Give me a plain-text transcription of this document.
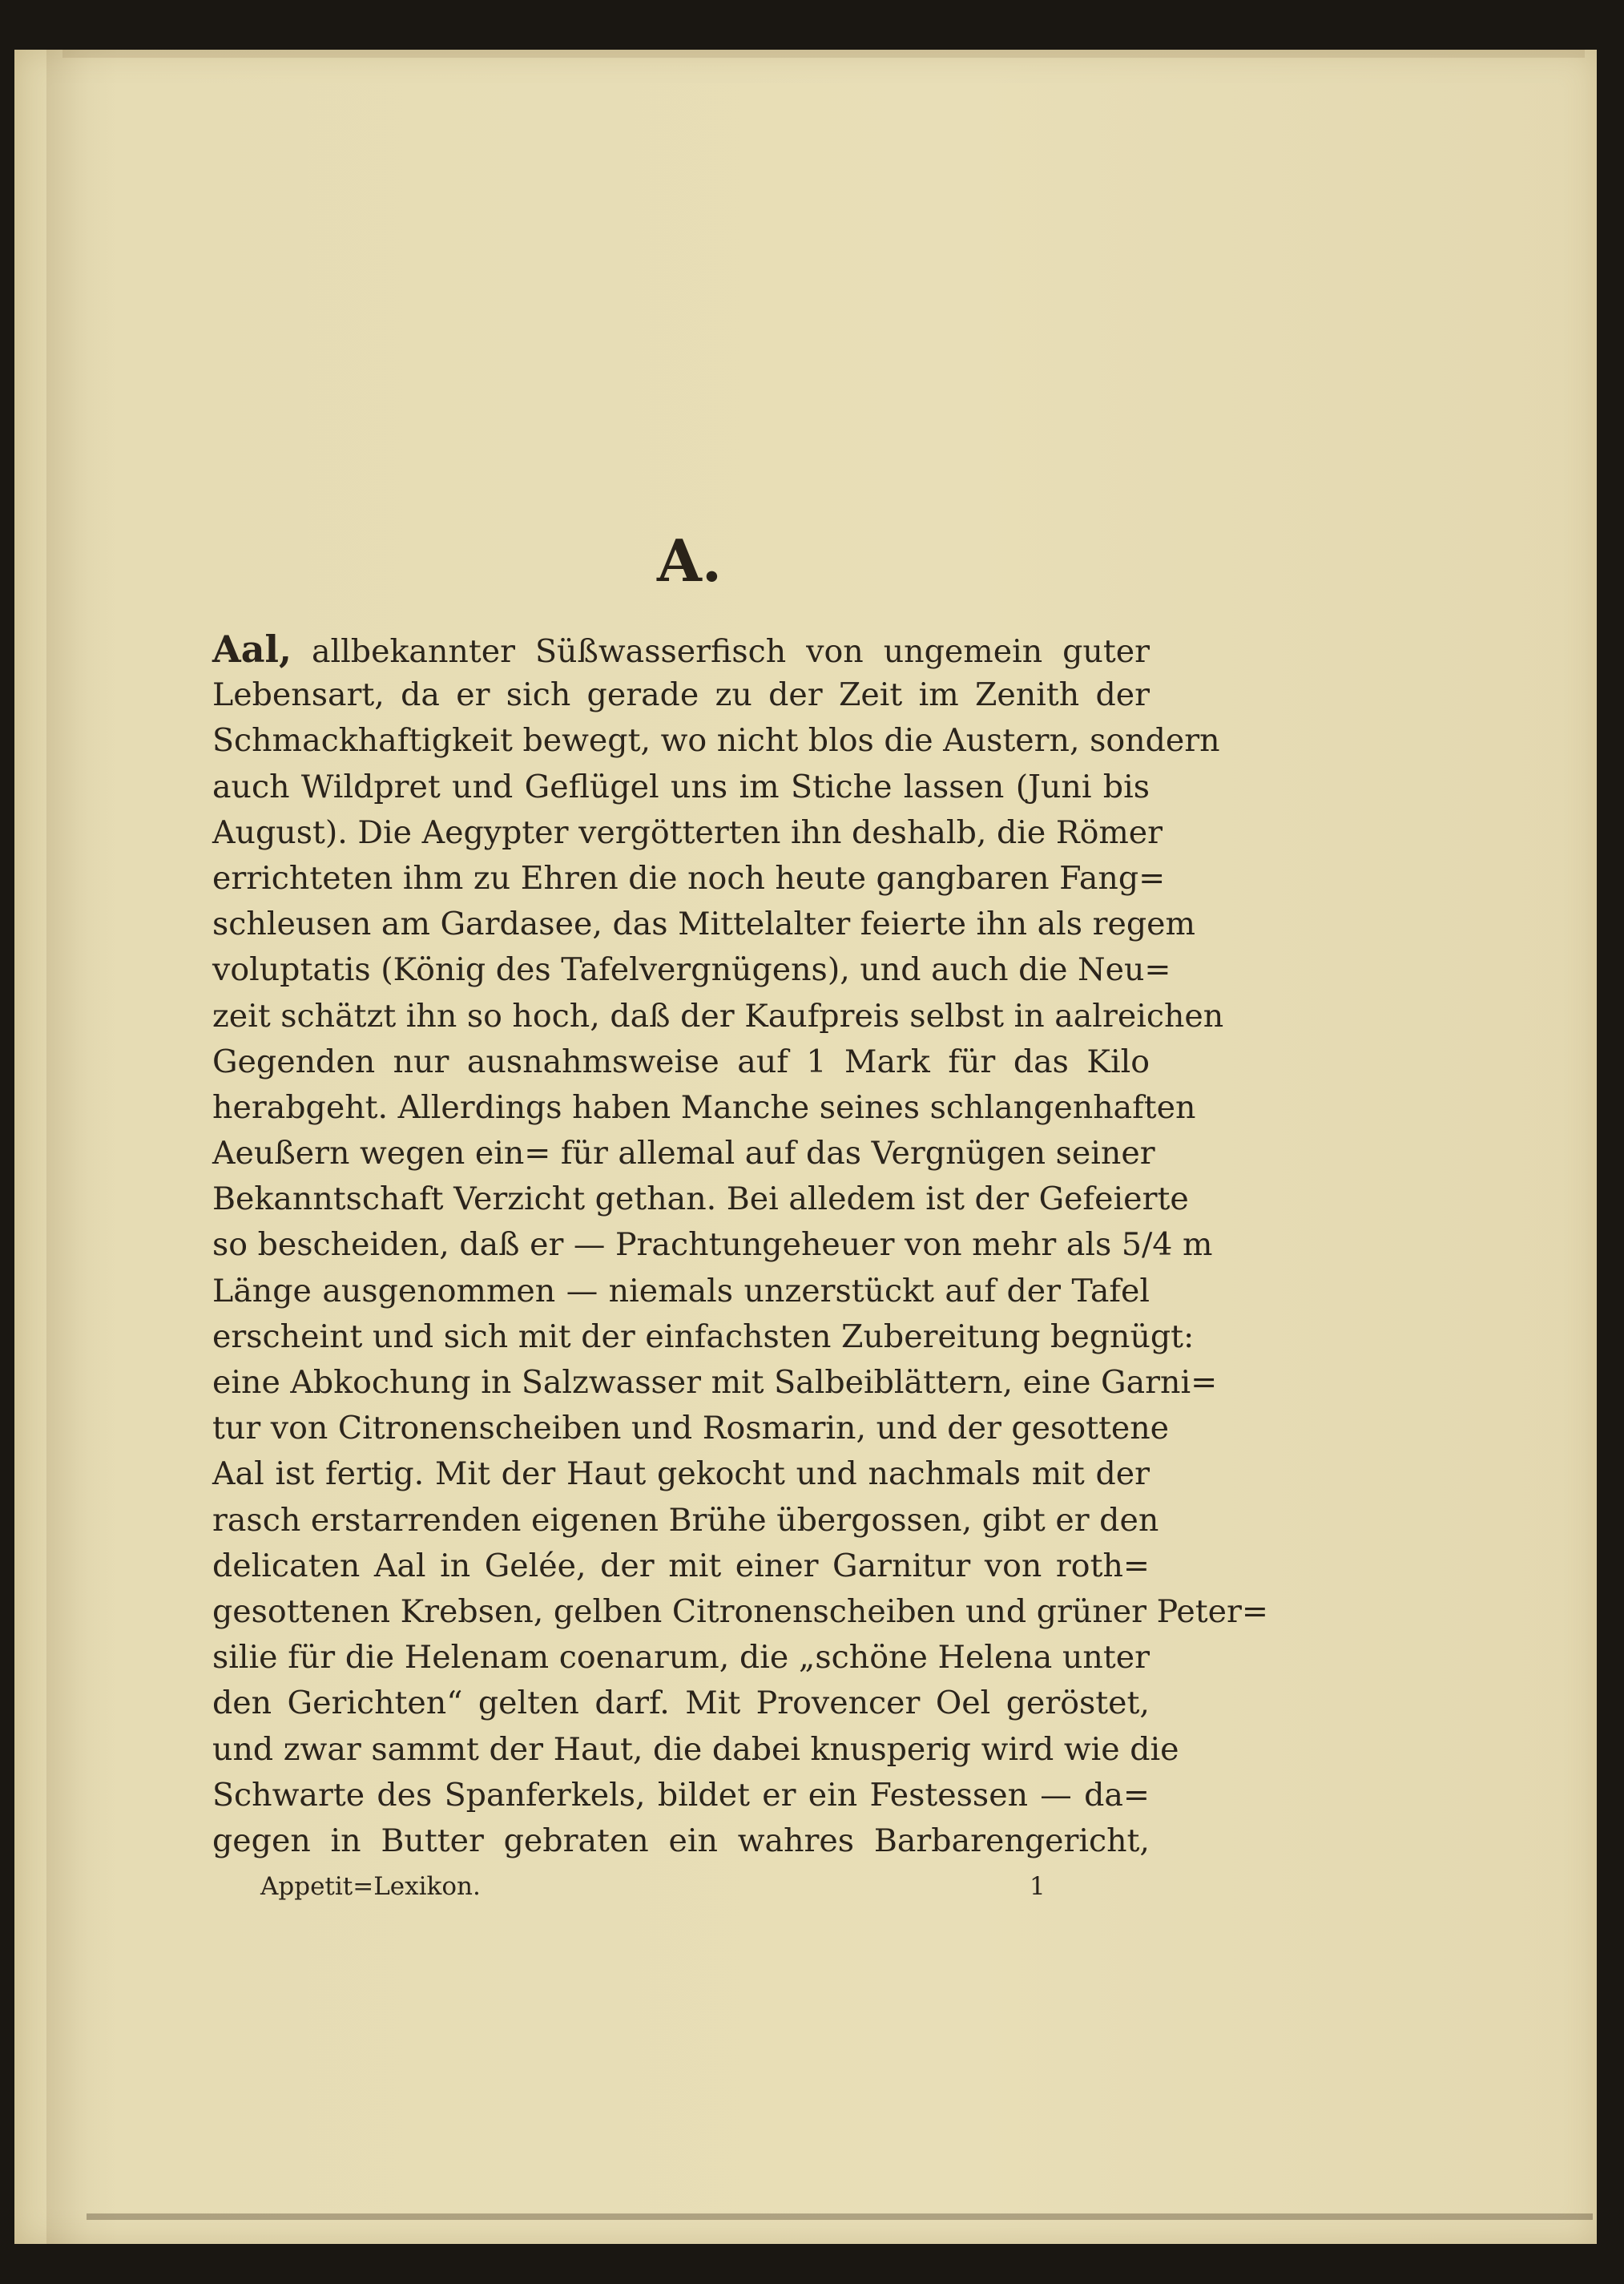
A.
Aal, allbekannter Süßwasserfisch von ungemein guter
Lebensart, da er sich gerade zu der Zeit im Zenith der
Schmackhaftigkeit bewegt, wo nicht blos die Austern, sondern
auch Wildpret und Geflügel uns im Stiche lassen (Juni bis
August). Die Aegypter vergötterten ihn deshalb, die Römer
errichteten ihm zu Ehren die noch heute gangbaren Fang=
schleusen am Gardasee, das Mittelalter feierte ihn als regem
voluptatis (König des Tafelvergnügens), und auch die Neu=
zeit schätzt ihn so hoch, daß der Kaufpreis selbst in aalreichen
Gegenden nur ausnahmsweise auf 1 Mark für das Kilo
herabgeht. Allerdings haben Manche seines schlangenhaften
Aeußern wegen ein= für allemal auf das Vergnügen seiner
Bekanntschaft Verzicht gethan. Bei alledem ist der Gefeierte
so bescheiden, daß er — Prachtungeheuer von mehr als 5/4 m
Länge ausgenommen — niemals unzerstückt auf der Tafel
erscheint und sich mit der einfachsten Zubereitung begnügt:
eine Abkochung in Salzwasser mit Salbeiblättern, eine Garni=
tur von Citronenscheiben und Rosmarin, und der gesottene
Aal ist fertig. Mit der Haut gekocht und nachmals mit der
rasch erstarrenden eigenen Brühe übergossen, gibt er den
delicaten Aal in Gelée, der mit einer Garnitur von roth=
gesottenen Krebsen, gelben Citronenscheiben und grüner Peter=
silie für die Helenam coenarum, die „schöne Helena unter
den Gerichten“ gelten darf. Mit Provencer Oel geröstet,
und zwar sammt der Haut, die dabei knusperig wird wie die
Schwarte des Spanferkels, bildet er ein Festessen — da=
gegen in Butter gebraten ein wahres Barbarengericht,
Appetit=Lexikon.	1
